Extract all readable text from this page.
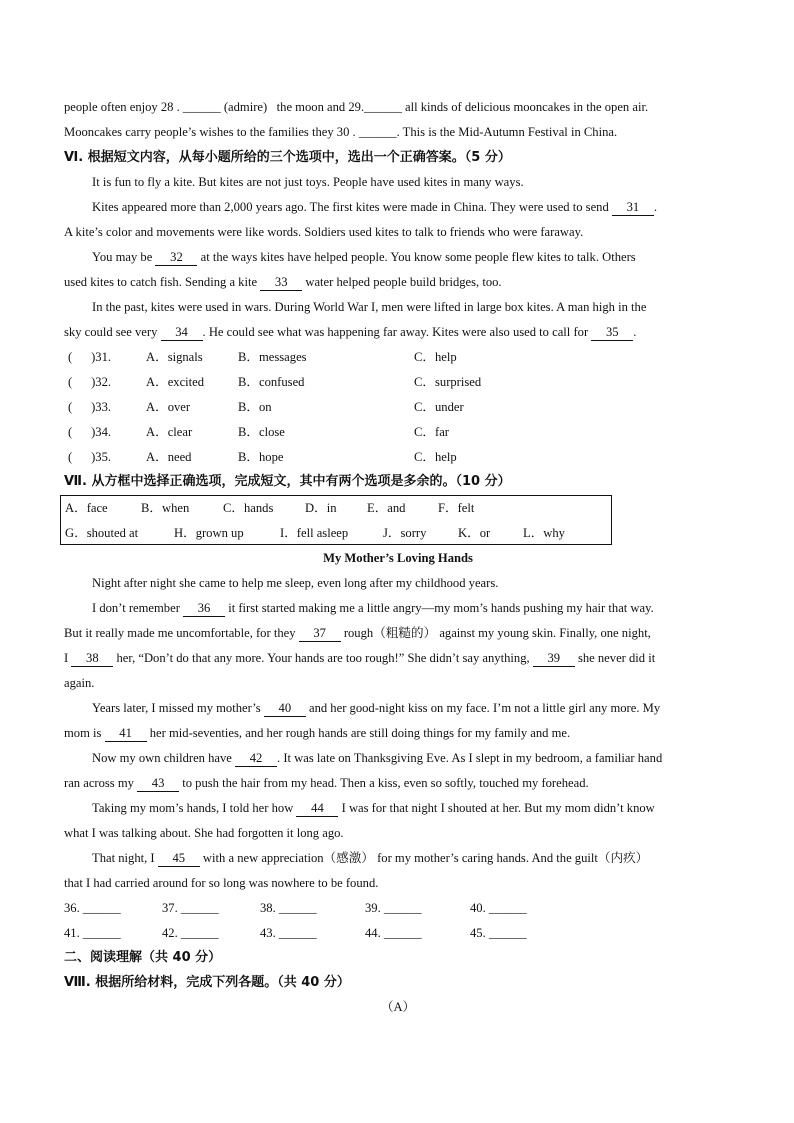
people often enjoy 28 . ______ (admire)   the moon and 29.______ all kinds of delicious mooncakes in the open air.
Mooncakes carry people’s wishes to the families they 30 . ______. This is the Mid-Autumn Festival in China.
Ⅵ. 根据短文内容，从每小题所给的三个选项中，选出一个正确答案。（5 分）
It is fun to fly a kite. But kites are not just toys. People have used kites in many ways.
Kites appeared more than 2,000 years ago. The first kites were made in China. They were used to send 31 .
A kite’s color and movements were like words. Soldiers used kites to talk to friends who were faraway.
You may be 32 at the ways kites have helped people. You know some people flew kites to talk. Others
used kites to catch fish. Sending a kite 33 water helped people build bridges, too.
In the past, kites were used in wars. During World War I, men were lifted in large box kites. A man high in the
sky could see very 34 . He could see what was happening far away. Kites were also used to call for 35 .
(      )31.	A．signals	B．messages	C．help
(      )32.	A．excited	B．confused	C．surprised
(      )33.	A．over	B．on	C．under
(      )34.	A．clear	B．close	C．far
(      )35.	A．need	B．hope	C．help
Ⅶ. 从方框中选择正确选项，完成短文，其中有两个选项是多余的。（10 分）
A．face	B．when	C．hands	D．in E．and	F．felt
G．shouted at	H．grown up	I．fell asleep	J．sorry	K．or	L．why
My Mother’s Loving Hands
Night after night she came to help me sleep, even long after my childhood years.
I don’t remember 36 it first started making me a little angry—my mom’s hands pushing my hair that way.
But it really made me uncomfortable, for they 37 rough（粗糙的） against my young skin. Finally, one night,
I 38 her, “Don’t do that any more. Your hands are too rough!” She didn’t say anything, 39 she never did it
again.
Years later, I missed my mother’s 40 and her good-night kiss on my face. I’m not a little girl any more. My
mom is 41 her mid-seventies, and her rough hands are still doing things for my family and me.
Now my own children have 42 . It was late on Thanksgiving Eve. As I slept in my bedroom, a familiar hand
ran across my 43 to push the hair from my head. Then a kiss, even so softly, touched my forehead.
Taking my mom’s hands, I told her how 44 I was for that night I shouted at her. But my mom didn’t know
what I was talking about. She had forgotten it long ago.
That night, I 45 with a new appreciation（感激） for my mother’s caring hands. And the guilt（内疚）
that I had carried around for so long was nowhere to be found.
36. ______	37. ______	38. ______	39. ______	40. ______
41. ______	42. ______	43. ______	44. ______	45. ______
二、阅读理解（共 40 分）
Ⅷ. 根据所给材料，完成下列各题。（共 40 分）
（A）
